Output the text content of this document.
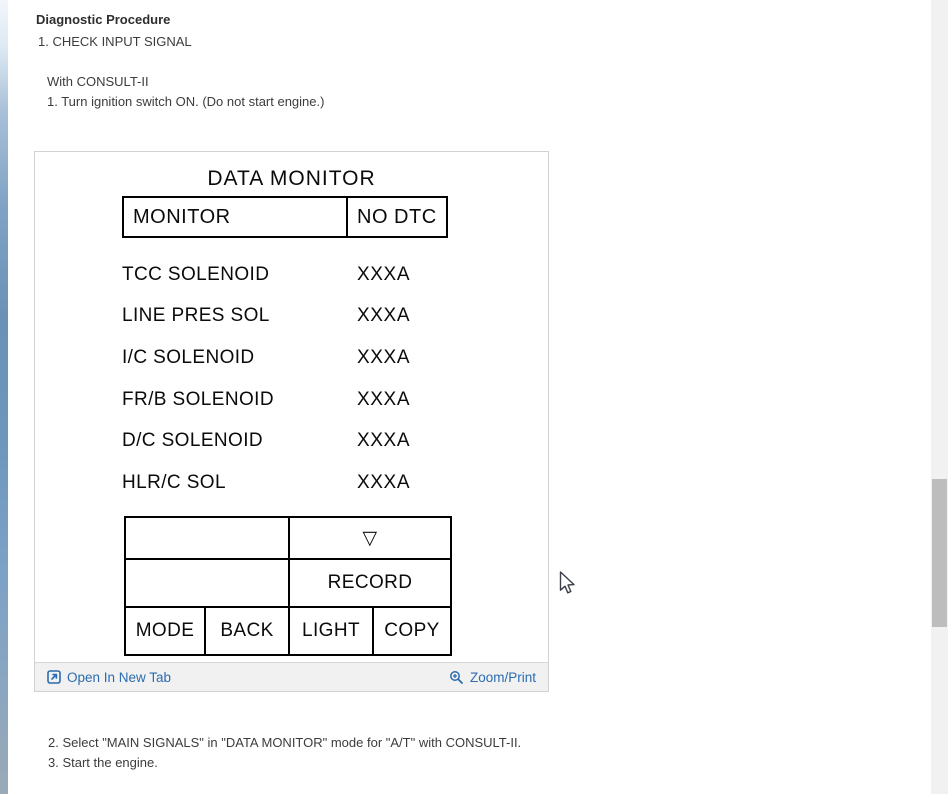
Diagnostic Procedure
1. CHECK INPUT SIGNAL
With CONSULT-II
1. Turn ignition switch ON. (Do not start engine.)
DATA MONITOR
MONITOR	NO DTC
TCC SOLENOID	XXXA
LINE PRES SOL	XXXA
I/C SOLENOID	XXXA
FR/B SOLENOID	XXXA
D/C SOLENOID	XXXA
HLR/C SOL	XXXA
▽
RECORD
MODE	BACK	LIGHT	COPY
Open In New Tab	Zoom/Print
2. Select "MAIN SIGNALS" in "DATA MONITOR" mode for "A/T" with CONSULT-II.
3. Start the engine.
